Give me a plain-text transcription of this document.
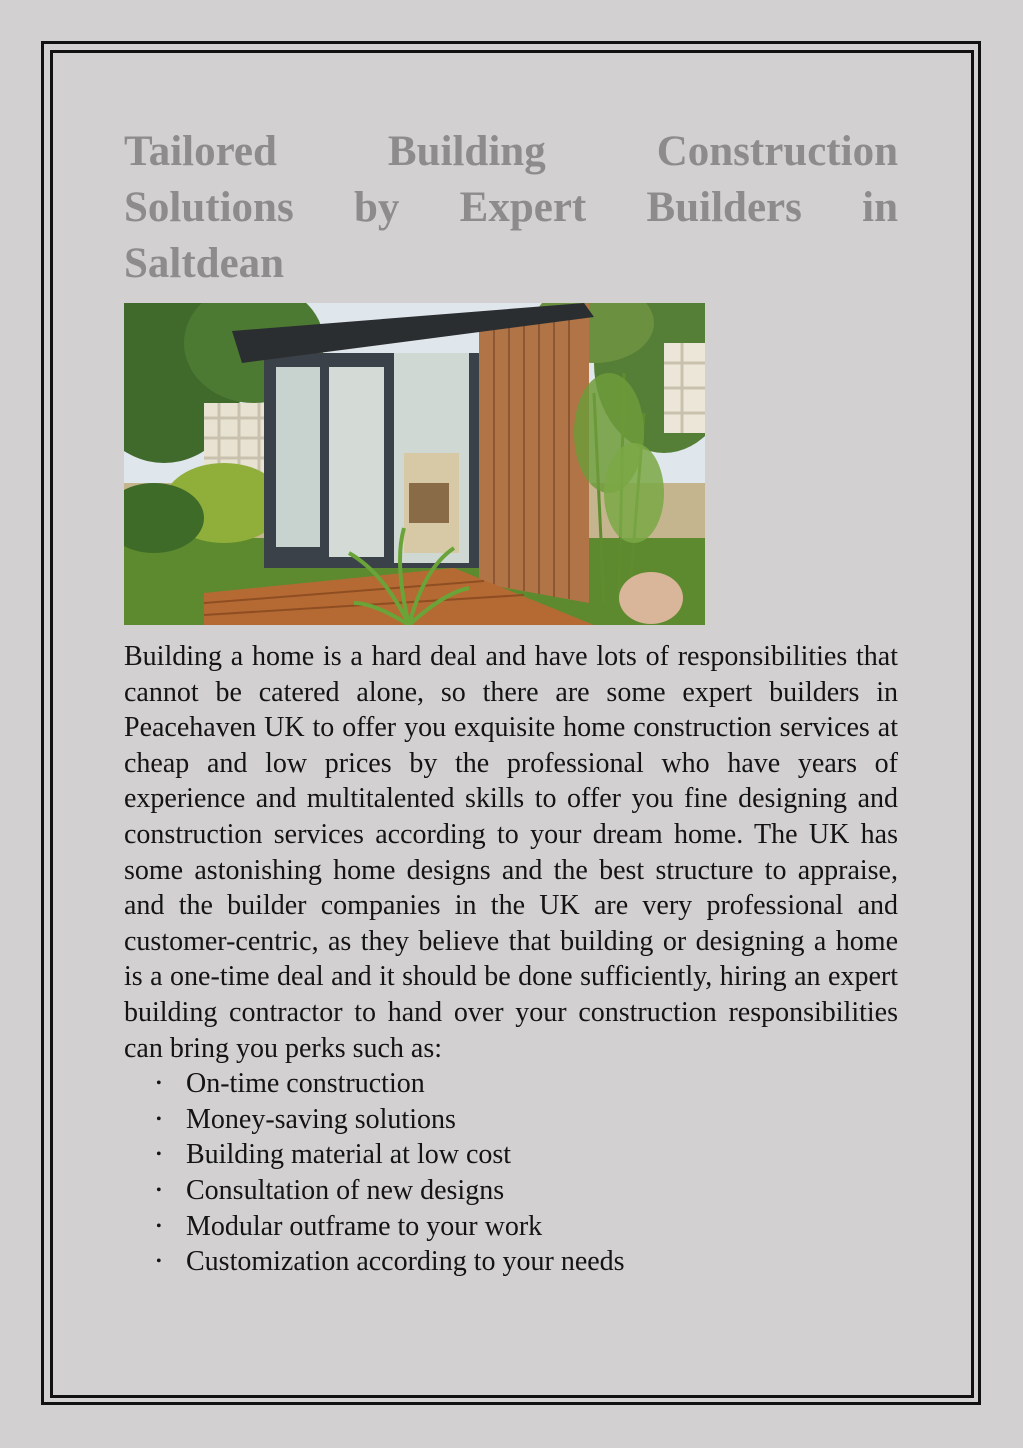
Tailored Building Construction
Solutions by Expert Builders in
Saltdean

Building a home is a hard deal and have lots of responsibilities that cannot be catered alone, so there are some expert builders in Peacehaven UK to offer you exquisite home construction services at cheap and low prices by the professional who have years of experience and multitalented skills to offer you fine designing and construction services according to your dream home. The UK has some astonishing home designs and the best structure to appraise, and the builder companies in the UK are very professional and customer-centric, as they believe that building or designing a home is a one-time deal and it should be done sufficiently, hiring an expert building contractor to hand over your construction responsibilities can bring you perks such as:

• On-time construction
• Money-saving solutions
• Building material at low cost
• Consultation of new designs
• Modular outframe to your work
• Customization according to your needs
